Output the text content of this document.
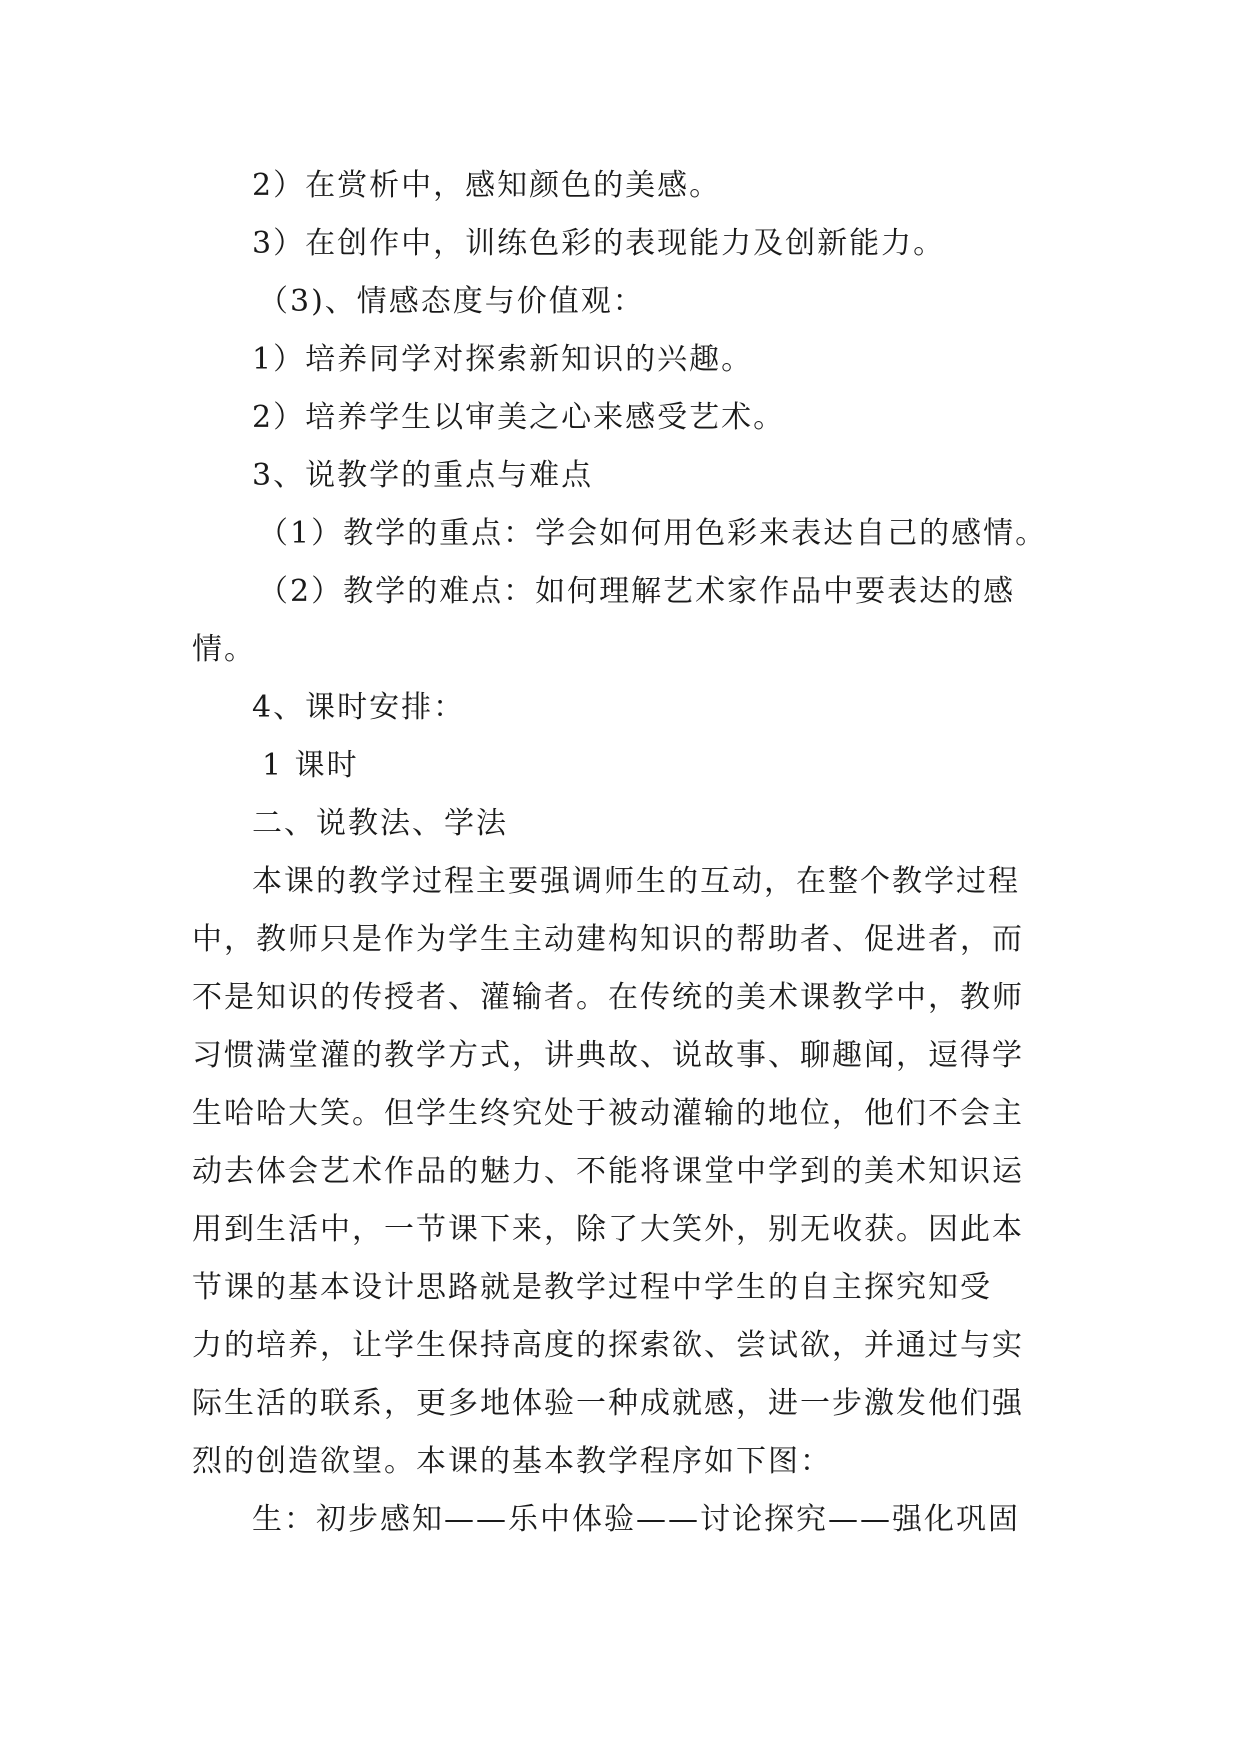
2）在赏析中，感知颜色的美感。
3）在创作中，训练色彩的表现能力及创新能力。
（3)、情感态度与价值观：
1）培养同学对探索新知识的兴趣。
2）培养学生以审美之心来感受艺术。
3、说教学的重点与难点
（1）教学的重点：学会如何用色彩来表达自己的感情。
（2）教学的难点：如何理解艺术家作品中要表达的感
情。
4、课时安排：
1 课时
二、说教法、学法
本课的教学过程主要强调师生的互动，在整个教学过程
中，教师只是作为学生主动建构知识的帮助者、促进者，而
不是知识的传授者、灌输者。在传统的美术课教学中，教师
习惯满堂灌的教学方式，讲典故、说故事、聊趣闻，逗得学
生哈哈大笑。但学生终究处于被动灌输的地位，他们不会主
动去体会艺术作品的魅力、不能将课堂中学到的美术知识运
用到生活中，一节课下来，除了大笑外，别无收获。因此本
节课的基本设计思路就是教学过程中学生的自主探究知受
力的培养，让学生保持高度的探索欲、尝试欲，并通过与实
际生活的联系，更多地体验一种成就感，进一步激发他们强
烈的创造欲望。本课的基本教学程序如下图：
生：初步感知——乐中体验——讨论探究——强化巩固
